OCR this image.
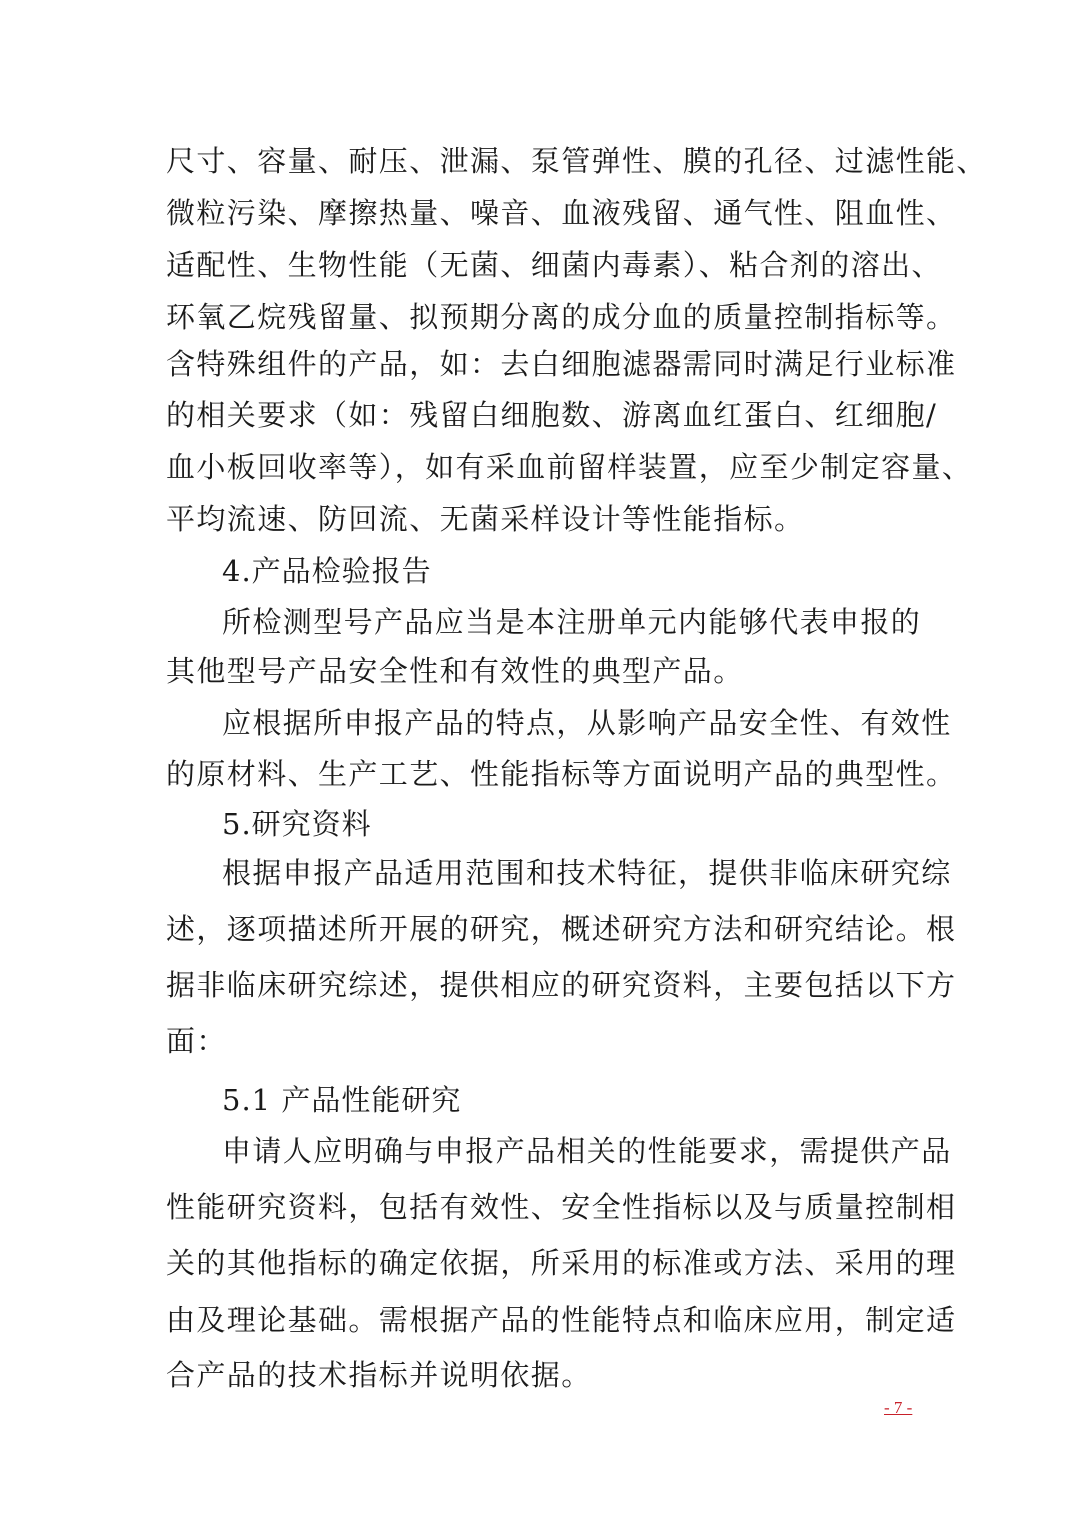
尺寸、容量、耐压、泄漏、泵管弹性、膜的孔径、过滤性能、
微粒污染、摩擦热量、噪音、血液残留、通气性、阻血性、
适配性、生物性能（无菌、细菌内毒素）、粘合剂的溶出、
环氧乙烷残留量、拟预期分离的成分血的质量控制指标等。
含特殊组件的产品，如：去白细胞滤器需同时满足行业标准
的相关要求（如：残留白细胞数、游离血红蛋白、红细胞/
血小板回收率等），如有采血前留样装置，应至少制定容量、
平均流速、防回流、无菌采样设计等性能指标。
4.产品检验报告
所检测型号产品应当是本注册单元内能够代表申报的
其他型号产品安全性和有效性的典型产品。
应根据所申报产品的特点，从影响产品安全性、有效性
的原材料、生产工艺、性能指标等方面说明产品的典型性。
5.研究资料
根据申报产品适用范围和技术特征，提供非临床研究综
述，逐项描述所开展的研究，概述研究方法和研究结论。根
据非临床研究综述，提供相应的研究资料，主要包括以下方
面：
5.1 产品性能研究
申请人应明确与申报产品相关的性能要求，需提供产品
性能研究资料，包括有效性、安全性指标以及与质量控制相
关的其他指标的确定依据，所采用的标准或方法、采用的理
由及理论基础。需根据产品的性能特点和临床应用，制定适
合产品的技术指标并说明依据。
- 7 -
